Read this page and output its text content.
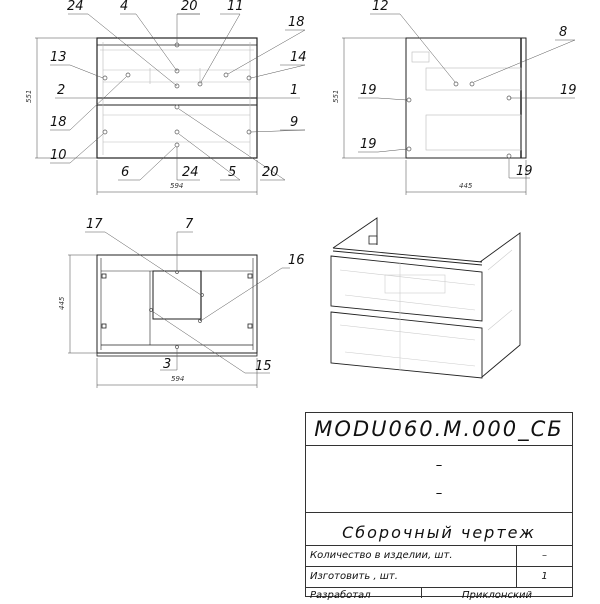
24	4	20 11
18
13	14
2	1
18	9
10
6	24 5 20
594
551
12
8
19
19
19
19
445
551
17	7
16
3	15
594
445
MODU060.M.000_СБ
–
–
Сборочный чертеж
Количество в изделии, шт.	–
Изготовить , шт.	1
Разработал	Приклонский
